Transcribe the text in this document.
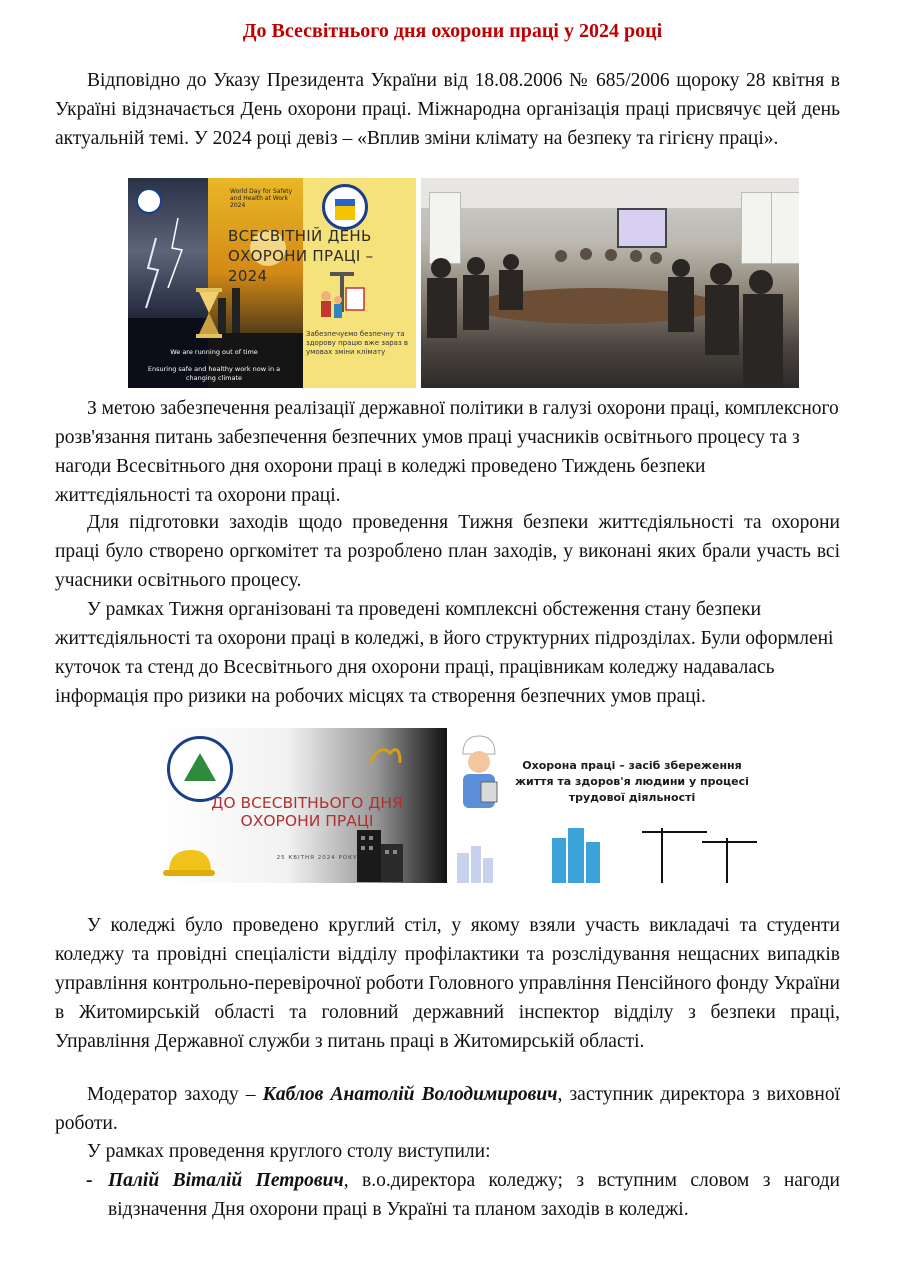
До Всесвітнього дня охорони праці у 2024 році

Відповідно до Указу Президента України від 18.08.2006 № 685/2006 щороку 28 квітня в Україні відзначається День охорони праці. Міжнародна організація праці присвячує цей день актуальній темі. У 2024 році девіз – «Вплив зміни клімату на безпеку та гігієну праці».

World Day for Safety and Health at Work 2024
We are running out of time
Ensuring safe and healthy work now in a changing climate
ВСЕСВІТНІЙ ДЕНЬ ОХОРОНИ ПРАЦІ – 2024
Забезпечуємо безпечну та здорову працю вже зараз в умовах зміни клімату

З метою забезпечення реалізації державної політики в галузі охорони праці, комплексного розв'язання питань забезпечення безпечних умов праці учасників освітнього процесу та з нагоди Всесвітнього дня охорони праці в коледжі проведено Тиждень безпеки життєдіяльності та охорони праці.

Для підготовки заходів щодо проведення Тижня безпеки життєдіяльності та охорони праці було створено оргкомітет та розроблено план заходів, у виконані яких брали участь всі учасники освітнього процесу.

У рамках Тижня організовані та проведені комплексні обстеження стану безпеки життєдіяльності та охорони праці в коледжі, в його структурних підрозділах. Були оформлені куточок та стенд до Всесвітнього дня охорони праці, працівникам коледжу надавалась інформація про ризики на робочих місцях та створення безпечних умов праці.

ДО ВСЕСВІТНЬОГО ДНЯ ОХОРОНИ ПРАЦІ
25 КВІТНЯ 2024 РОКУ
Охорона праці – засіб збереження життя та здоров'я людини у процесі трудової діяльності

У коледжі було проведено круглий стіл, у якому взяли участь викладачі та студенти коледжу та провідні спеціалісти відділу профілактики та розслідування нещасних випадків управління контрольно-перевірочної роботи Головного управління Пенсійного фонду України в Житомирській області та головний державний інспектор відділу з безпеки праці, Управління Державної служби з питань праці в Житомирській області.

Модератор заходу – Каблов Анатолій Володимирович, заступник директора з виховної роботи.

У рамках проведення круглого столу виступили:

- Палій Віталій Петрович, в.о.директора коледжу; з вступним словом з нагоди відзначення Дня охорони праці в Україні та планом заходів в коледжі.
